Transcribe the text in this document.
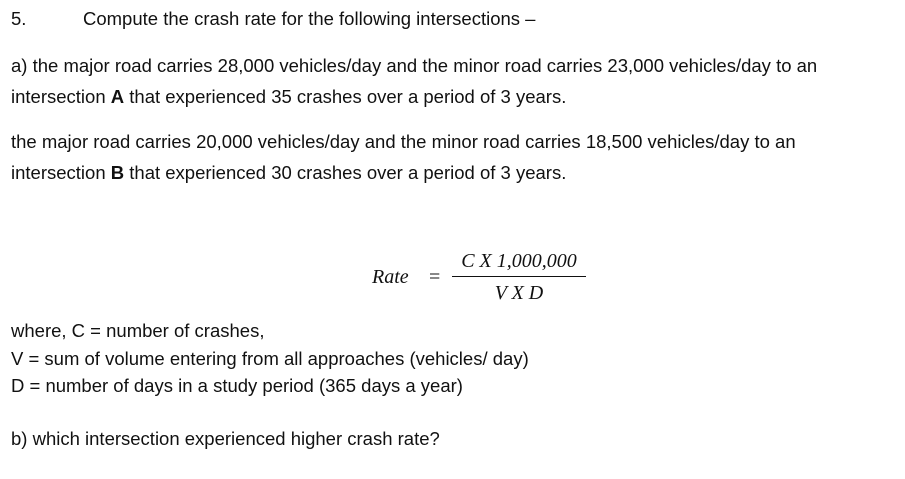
5.	Compute the crash rate for the following intersections –
a) the major road carries 28,000 vehicles/day and the minor road carries 23,000 vehicles/day to an
intersection A that experienced 35 crashes over a period of 3 years.
the major road carries 20,000 vehicles/day and the minor road carries 18,500 vehicles/day to an
intersection B that experienced 30 crashes over a period of 3 years.
Rate =
C X 1,000,000
V X D
where, C = number of crashes,
V = sum of volume entering from all approaches (vehicles/ day)
D = number of days in a study period (365 days a year)
b) which intersection experienced higher crash rate?
